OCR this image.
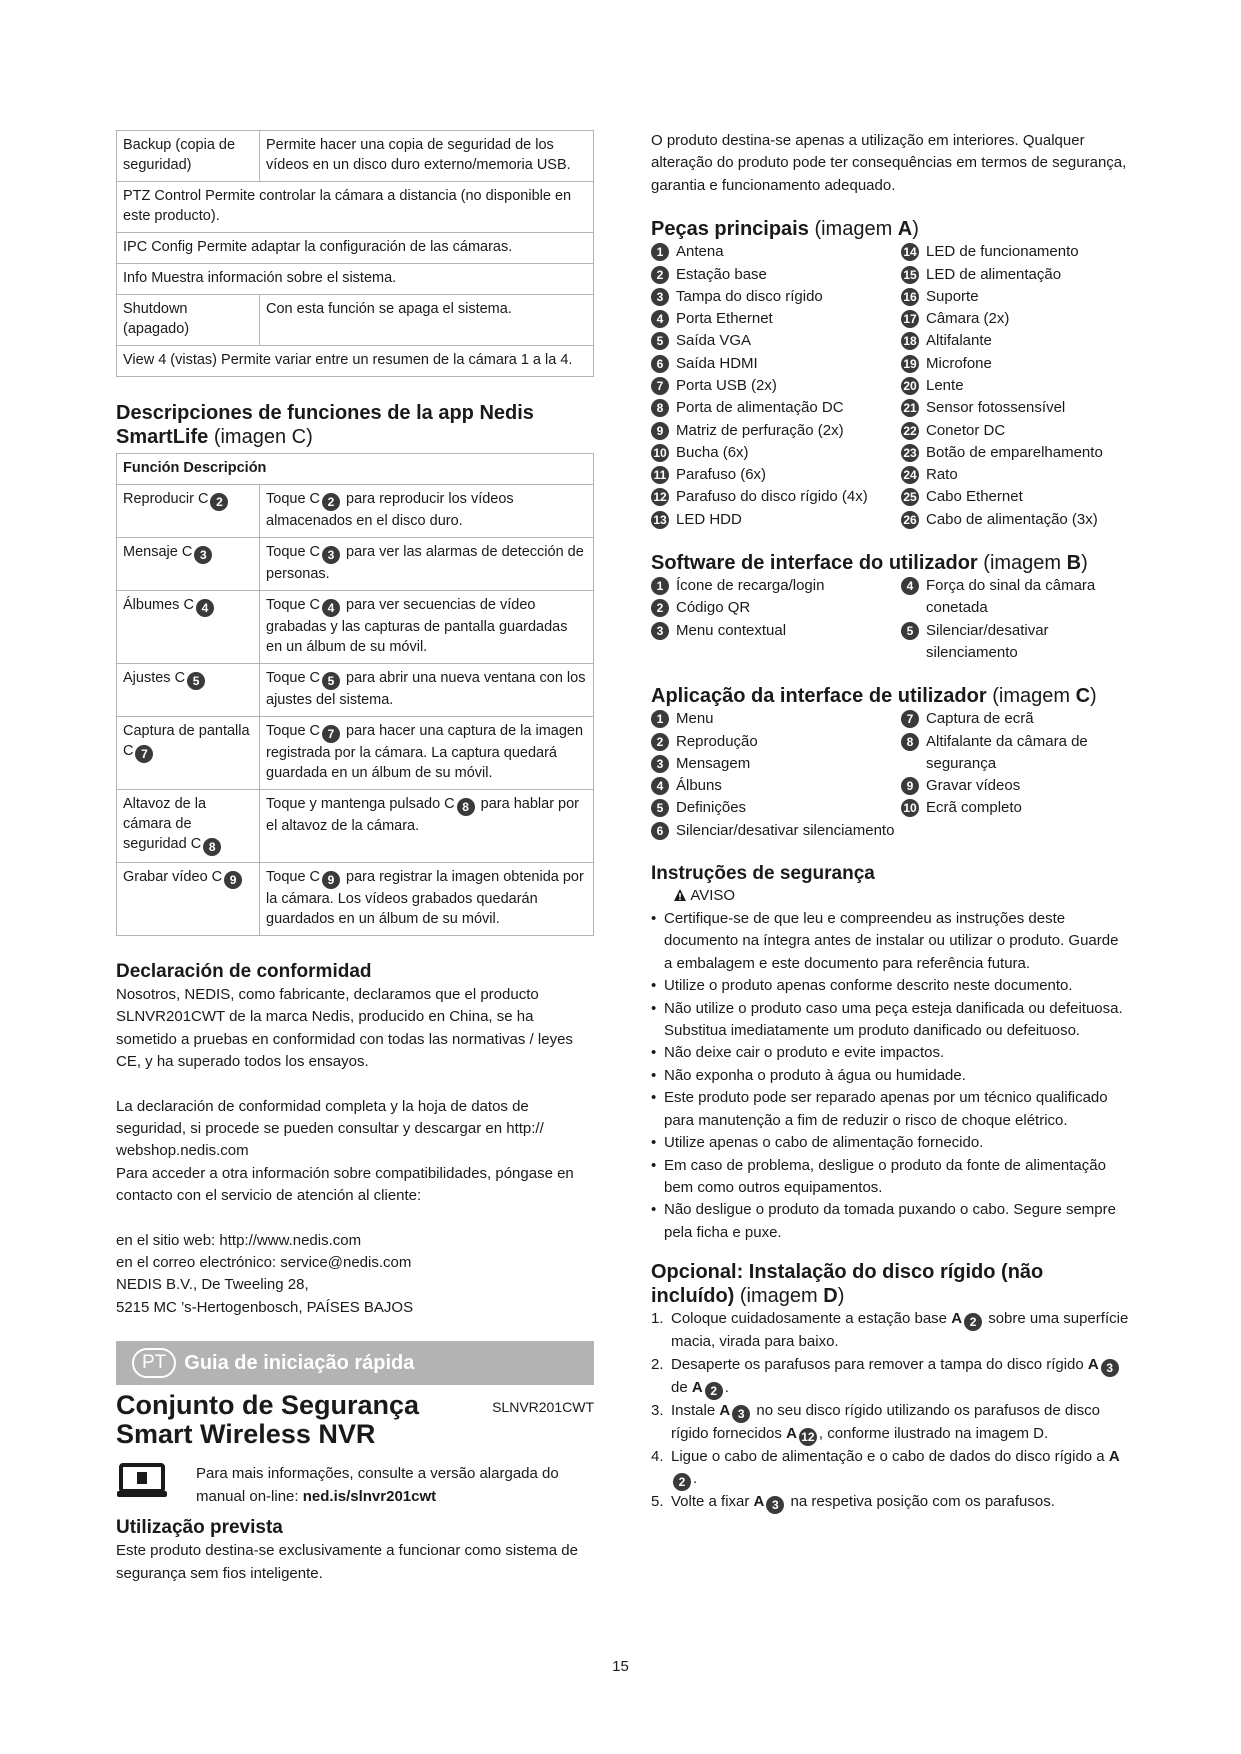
Backup (copia de seguridad)	Permite hacer una copia de seguridad de los vídeos en un disco duro externo/memoria USB.
PTZ Control Permite controlar la cámara a distancia (no disponible en este producto).	
IPC Config Permite adaptar la configuración de las cámaras.	
Info Muestra información sobre el sistema.	
Shutdown (apagado)	Con esta función se apaga el sistema.
View 4 (vistas) Permite variar entre un resumen de la cámara 1 a la 4.	

Descripciones de funciones de la app Nedis SmartLife (imagen C)

Función Descripción	
Reproducir C 2	Toque C 2 para reproducir los vídeos almacenados en el disco duro.
Mensaje C 3	Toque C 3 para ver las alarmas de detección de personas.
Álbumes C 4	Toque C 4 para ver secuencias de vídeo grabadas y las capturas de pantalla guardadas en un álbum de su móvil.
Ajustes C 5	Toque C 5 para abrir una nueva ventana con los ajustes del sistema.
Captura de pantalla C 7	Toque C 7 para hacer una captura de la imagen registrada por la cámara. La captura quedará guardada en un álbum de su móvil.
Altavoz de la cámara de seguridad C 8	Toque y mantenga pulsado C 8 para hablar por el altavoz de la cámara.
Grabar vídeo C 9	Toque C 9 para registrar la imagen obtenida por la cámara. Los vídeos grabados quedarán guardados en un álbum de su móvil.

Declaración de conformidad

Nosotros, NEDIS, como fabricante, declaramos que el producto SLNVR201CWT de la marca Nedis, producido en China, se ha sometido a pruebas en conformidad con todas las normativas / leyes CE, y ha superado todos los ensayos.

La declaración de conformidad completa y la hoja de datos de seguridad, si procede se pueden consultar y descargar en http:// webshop.nedis.com

Para acceder a otra información sobre compatibilidades, póngase en contacto con el servicio de atención al cliente:

en el sitio web: http://www.nedis.com

en el correo electrónico: service@nedis.com

NEDIS B.V., De Tweeling 28,

5215 MC ’s-Hertogenbosch, PAÍSES BAJOS

PT Guia de iniciação rápida

Conjunto de Segurança Smart Wireless NVR

SLNVR201CWT

Para mais informações, consulte a versão alargada do manual on-line: ned.is/slnvr201cwt

Utilização prevista

Este produto destina-se exclusivamente a funcionar como sistema de segurança sem fios inteligente.

O produto destina-se apenas a utilização em interiores. Qualquer alteração do produto pode ter consequências em termos de segurança, garantia e funcionamento adequado.

Peças principais (imagem A)

1 Antena
2 Estação base
3 Tampa do disco rígido
4 Porta Ethernet
5 Saída VGA
6 Saída HDMI
7 Porta USB (2x)
8 Porta de alimentação DC
9 Matriz de perfuração (2x)
10 Bucha (6x)
11 Parafuso (6x)
12 Parafuso do disco rígido (4x)
13 LED HDD
14 LED de funcionamento
15 LED de alimentação
16 Suporte
17 Câmara (2x)
18 Altifalante
19 Microfone
20 Lente
21 Sensor fotossensível
22 Conetor DC
23 Botão de emparelhamento
24 Rato
25 Cabo Ethernet
26 Cabo de alimentação (3x)

Software de interface do utilizador (imagem B)

1 Ícone de recarga/login
2 Código QR
3 Menu contextual
4 Força do sinal da câmara conetada
5 Silenciar/desativar silenciamento

Aplicação da interface de utilizador (imagem C)

1 Menu
2 Reprodução
3 Mensagem
4 Álbuns
5 Definições
6 Silenciar/desativar silenciamento
7 Captura de ecrã
8 Altifalante da câmara de segurança
9 Gravar vídeos
10 Ecrã completo

Instruções de segurança

AVISO
• Certifique-se de que leu e compreendeu as instruções deste documento na íntegra antes de instalar ou utilizar o produto. Guarde a embalagem e este documento para referência futura.
• Utilize o produto apenas conforme descrito neste documento.
• Não utilize o produto caso uma peça esteja danificada ou defeituosa. Substitua imediatamente um produto danificado ou defeituoso.
• Não deixe cair o produto e evite impactos.
• Não exponha o produto à água ou humidade.
• Este produto pode ser reparado apenas por um técnico qualificado para manutenção a fim de reduzir o risco de choque elétrico.
• Utilize apenas o cabo de alimentação fornecido.
• Em caso de problema, desligue o produto da fonte de alimentação bem como outros equipamentos.
• Não desligue o produto da tomada puxando o cabo. Segure sempre pela ficha e puxe.

Opcional: Instalação do disco rígido (não incluído) (imagem D)

1. Coloque cuidadosamente a estação base A 2 sobre uma superfície macia, virada para baixo.
2. Desaperte os parafusos para remover a tampa do disco rígido A 3 de A 2 .
3. Instale A 3 no seu disco rígido utilizando os parafusos de disco rígido fornecidos A 12 , conforme ilustrado na imagem D.
4. Ligue o cabo de alimentação e o cabo de dados do disco rígido a A2 .
5. Volte a fixar A 3 na respetiva posição com os parafusos.
15
